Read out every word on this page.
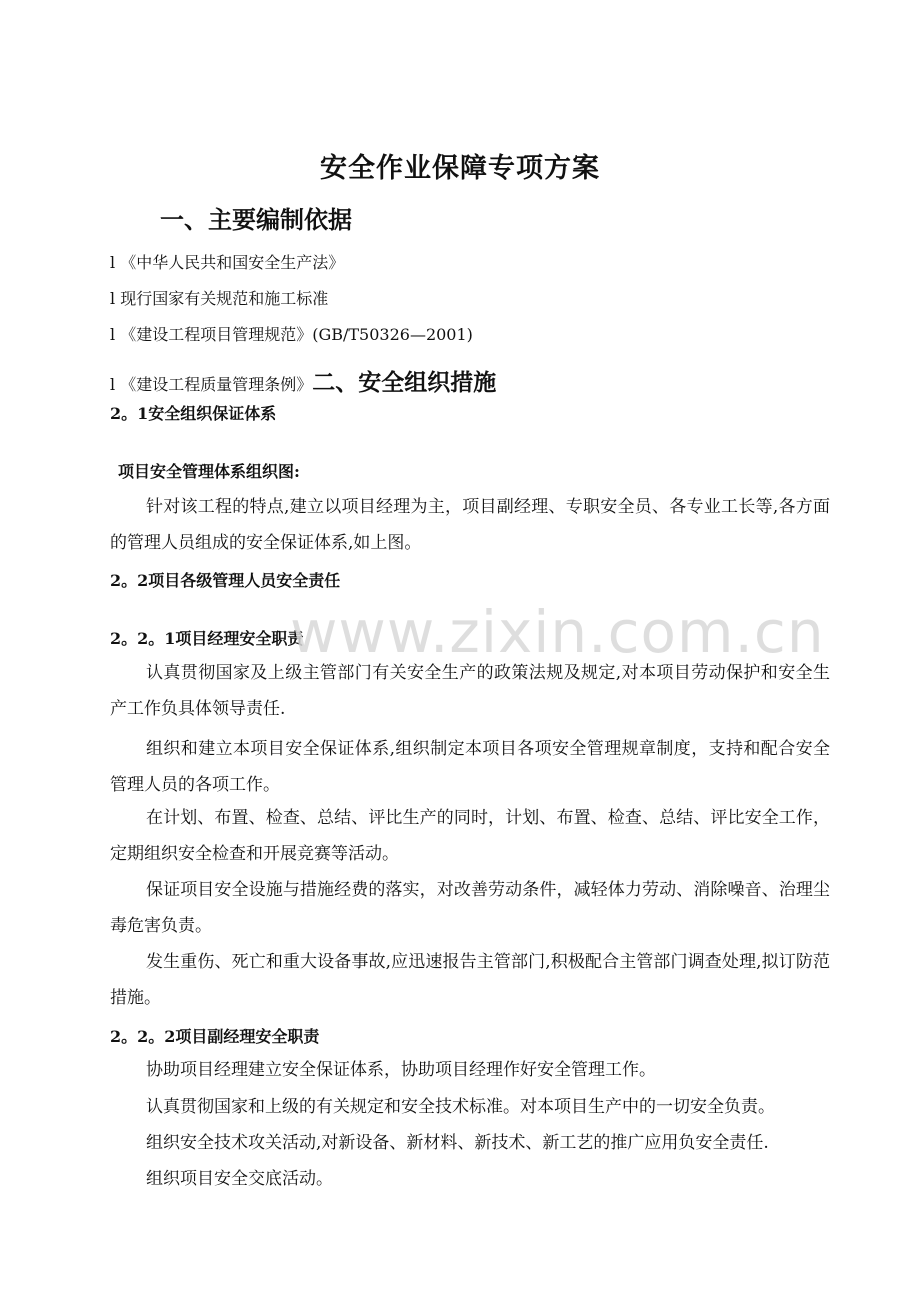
安全作业保障专项方案
一、主要编制依据

l 《中华人民共和国安全生产法》

l 现行国家有关规范和施工标准

l 《建设工程项目管理规范》(GB/T50326—2001)

l 《建设工程质量管理条例》二、安全组织措施

2。1安全组织保证体系

项目安全管理体系组织图:

针对该工程的特点,建立以项目经理为主，项目副经理、专职安全员、各专业工长等,各方面的管理人员组成的安全保证体系,如上图。

2。2项目各级管理人员安全责任

2。2。1项目经理安全职责

认真贯彻国家及上级主管部门有关安全生产的政策法规及规定,对本项目劳动保护和安全生产工作负具体领导责任.

组织和建立本项目安全保证体系,组织制定本项目各项安全管理规章制度，支持和配合安全管理人员的各项工作。

在计划、布置、检查、总结、评比生产的同时，计划、布置、检查、总结、评比安全工作，定期组织安全检查和开展竞赛等活动。

保证项目安全设施与措施经费的落实，对改善劳动条件，减轻体力劳动、消除噪音、治理尘毒危害负责。

发生重伤、死亡和重大设备事故,应迅速报告主管部门,积极配合主管部门调查处理,拟订防范措施。

2。2。2项目副经理安全职责

协助项目经理建立安全保证体系，协助项目经理作好安全管理工作。

认真贯彻国家和上级的有关规定和安全技术标准。对本项目生产中的一切安全负责。

组织安全技术攻关活动,对新设备、新材料、新技术、新工艺的推广应用负安全责任.

组织项目安全交底活动。

www.zixin.com.cn
